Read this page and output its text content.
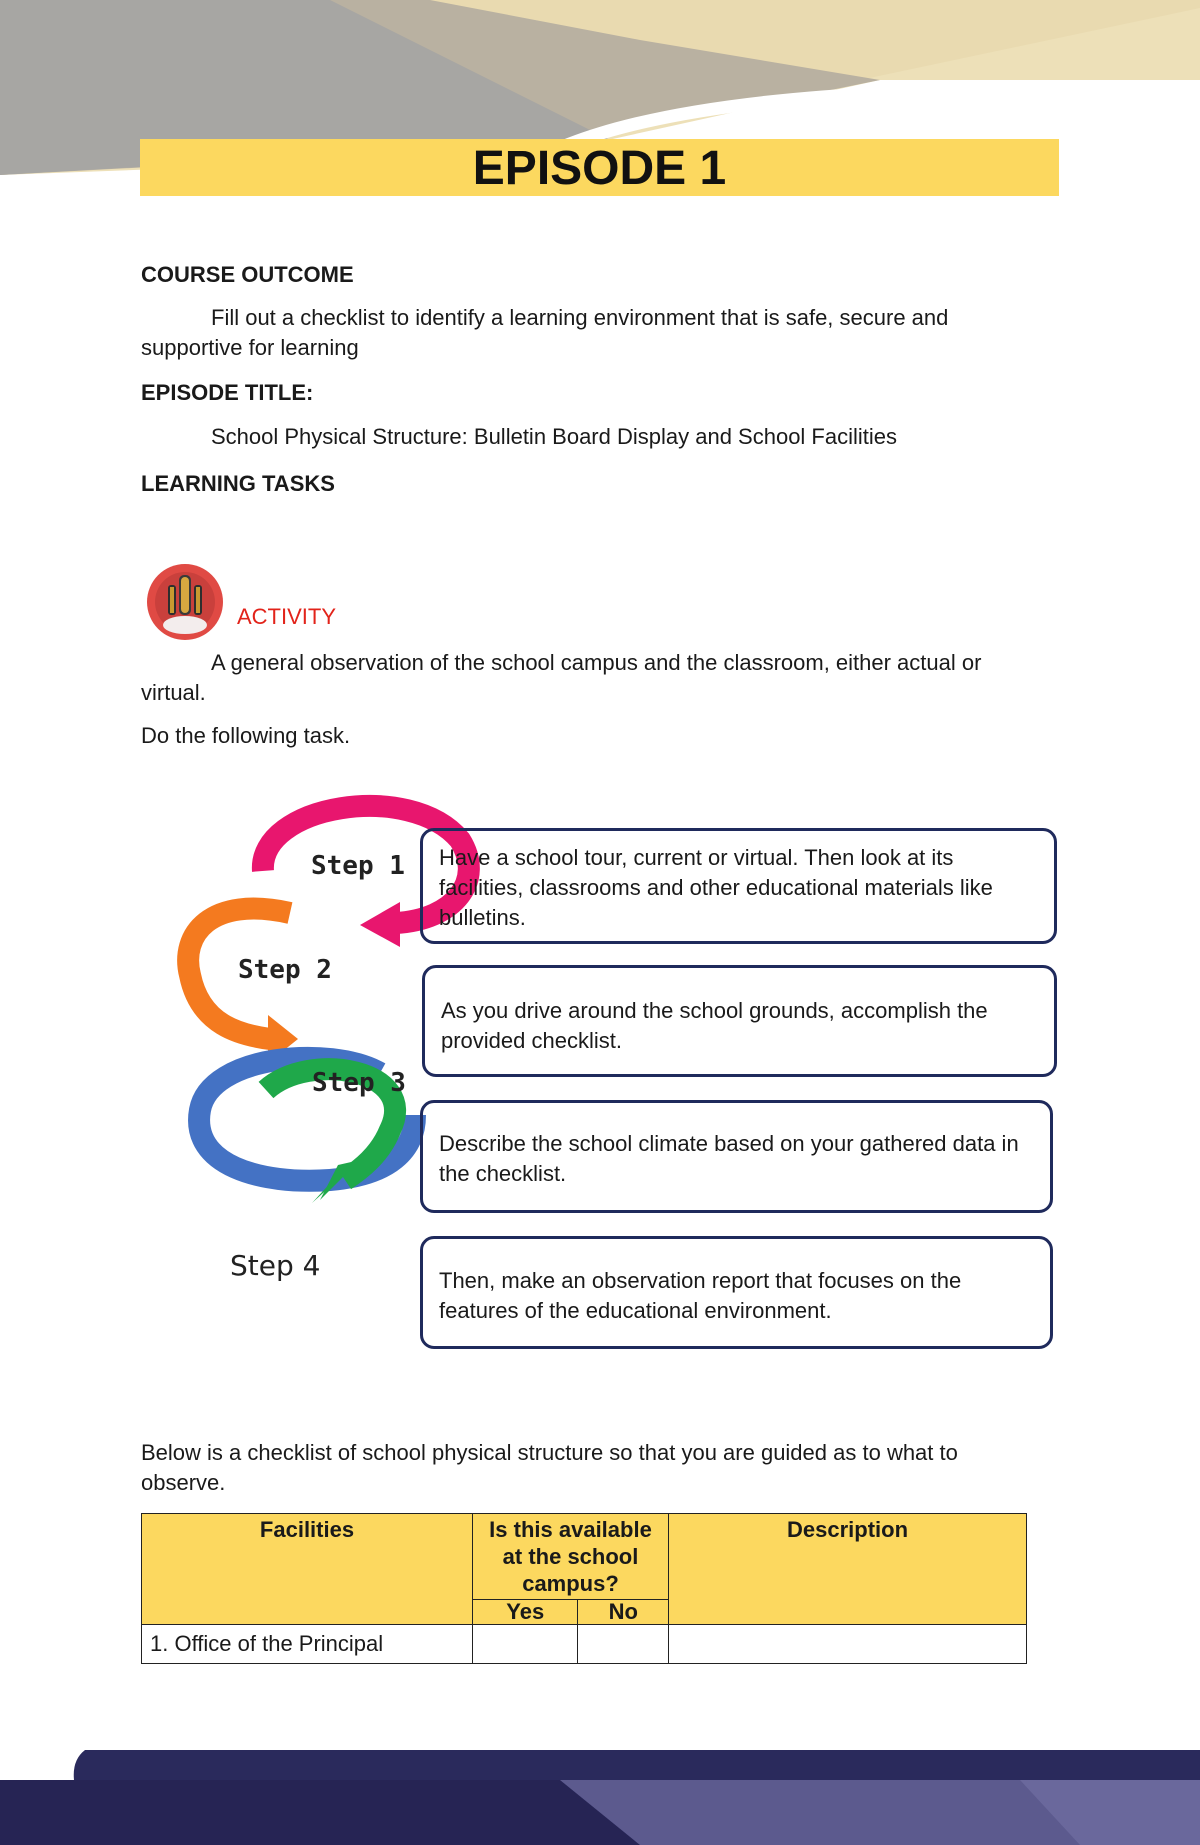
EPISODE 1
COURSE OUTCOME
Fill out a checklist to identify a learning environment that is safe, secure and supportive for learning
EPISODE TITLE:
School Physical Structure: Bulletin Board Display and School Facilities
LEARNING TASKS
ACTIVITY
A general observation of the school campus and the classroom, either actual or virtual.
Do the following task.
Step 1
Step 2
Step 3
Step 4
Have a school tour, current or virtual. Then look at its facilities, classrooms and other educational materials like bulletins.
As you drive around the school grounds, accomplish the provided checklist.
Describe the school climate based on your gathered data in the checklist.
Then, make an observation report that focuses on the features of the educational environment.
Below is a checklist of school physical structure so that you are guided as to what to observe.
Facilities	Is this available at the school campus?		Description
	Yes	No	
1. Office of the Principal			
